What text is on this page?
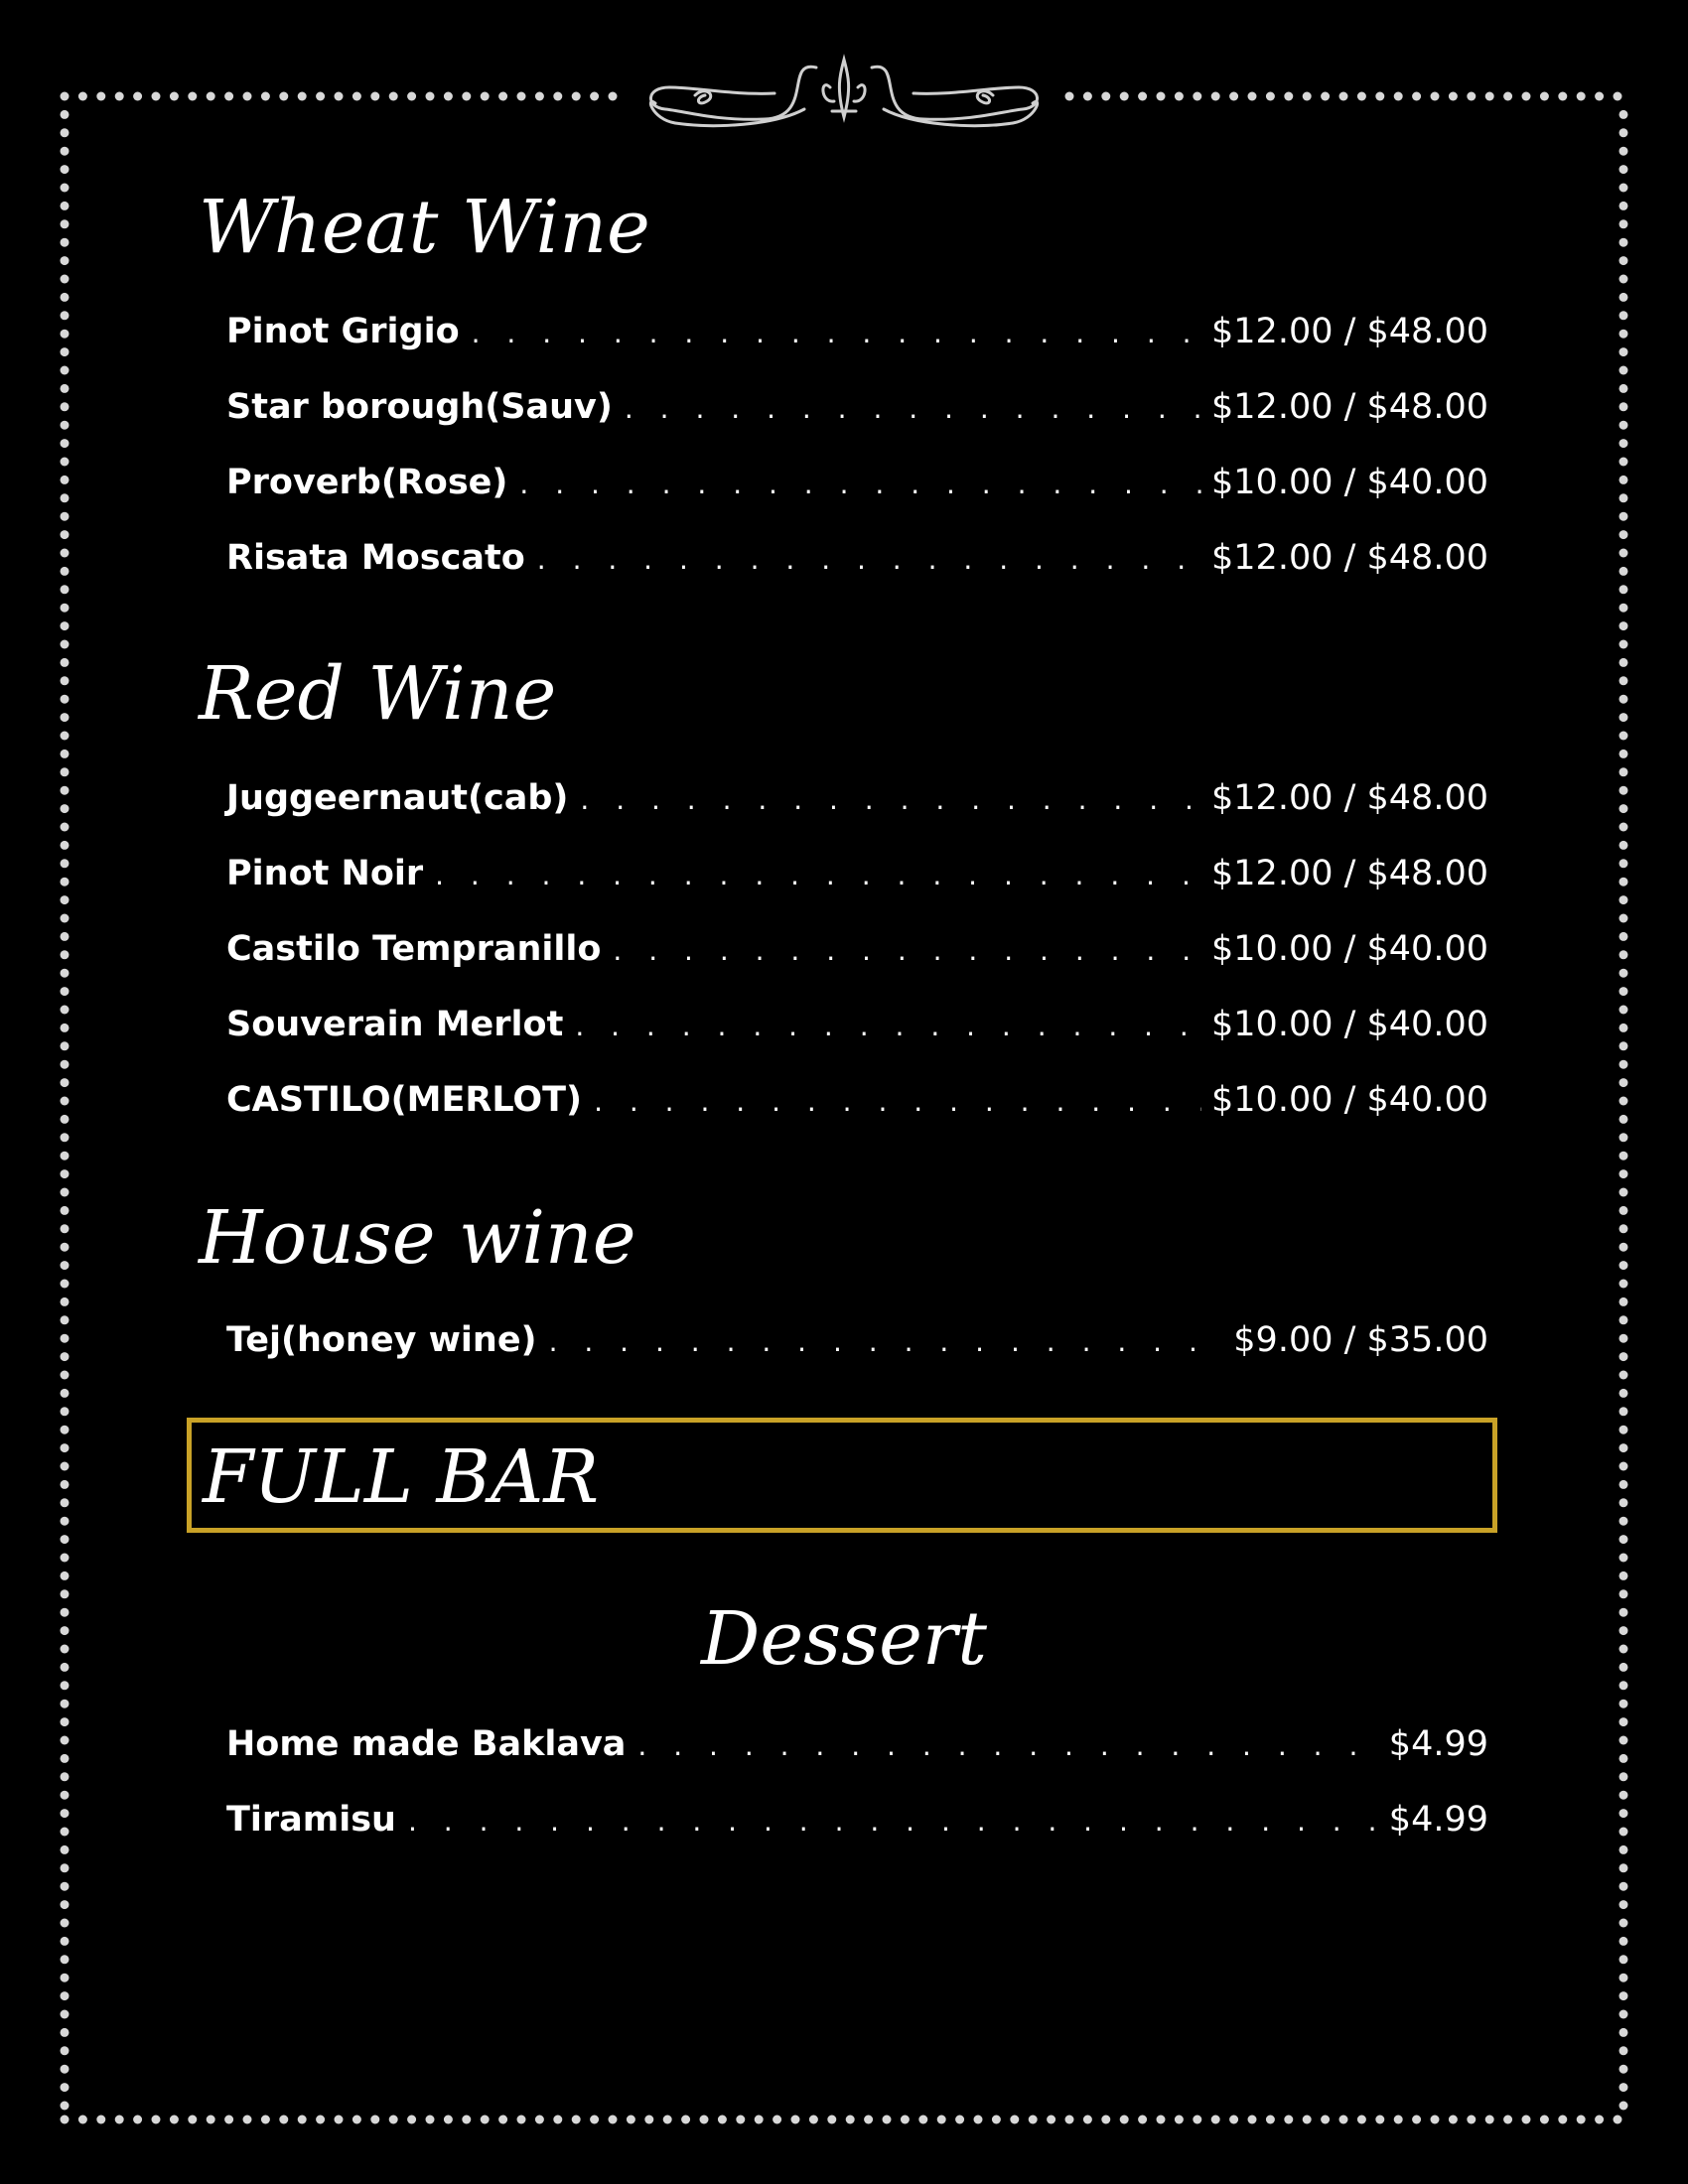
Wheat Wine
Pinot Grigio . . .	$12.00 / $48.00
Star borough(Sauv) . . .	$12.00 / $48.00
Proverb(Rose) . . .	$10.00 / $40.00
Risata Moscato . . .	$12.00 / $48.00
Red Wine
Juggeernaut(cab) . . .	$12.00 / $48.00
Pinot Noir . . .	$12.00 / $48.00
Castilo Tempranillo . . .	$10.00 / $40.00
Souverain Merlot . . .	$10.00 / $40.00
CASTILO(MERLOT) . . .	$10.00 / $40.00
House wine
Tej(honey wine) . . .	$9.00 / $35.00
FULL BAR
Dessert
Home made Baklava . . .	$4.99
Tiramisu . . .	$4.99
